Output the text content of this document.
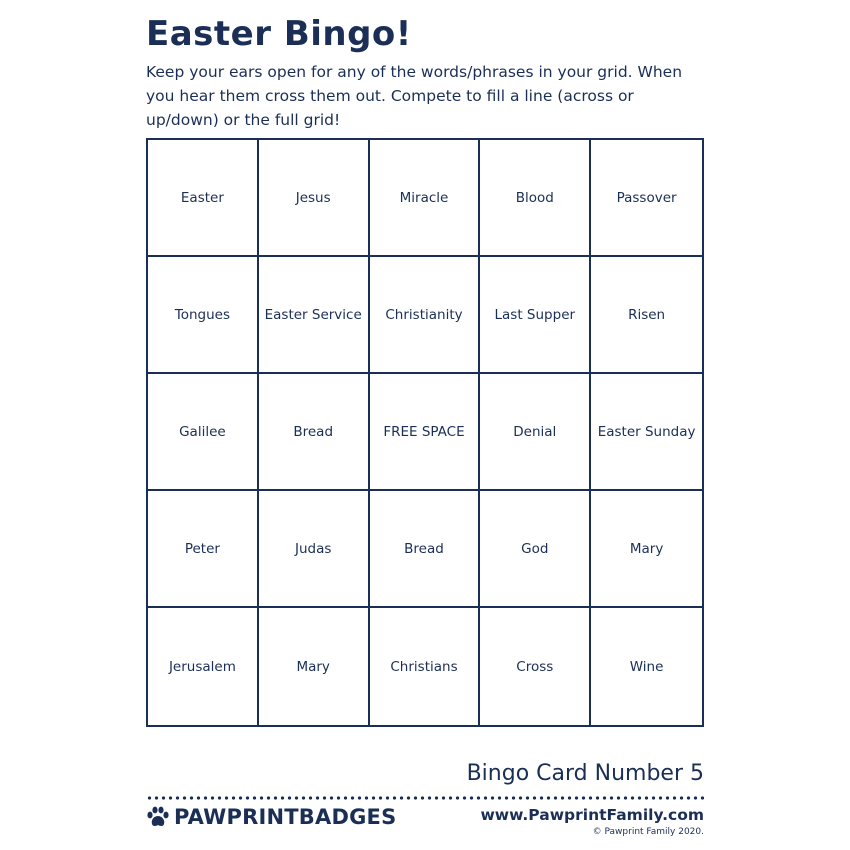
Easter Bingo!

Keep your ears open for any of the words/phrases in your grid. When you hear them cross them out. Compete to fill a line (across or up/down) or the full grid!

Easter	Jesus	Miracle	Blood	Passover
Tongues	Easter Service	Christianity	Last Supper	Risen
Galilee	Bread	FREE SPACE	Denial	Easter Sunday
Peter	Judas	Bread	God	Mary
Jerusalem	Mary	Christians	Cross	Wine
Bingo Card Number 5
PAWPRINTBADGES	www.PawprintFamily.com
© Pawprint Family 2020.
